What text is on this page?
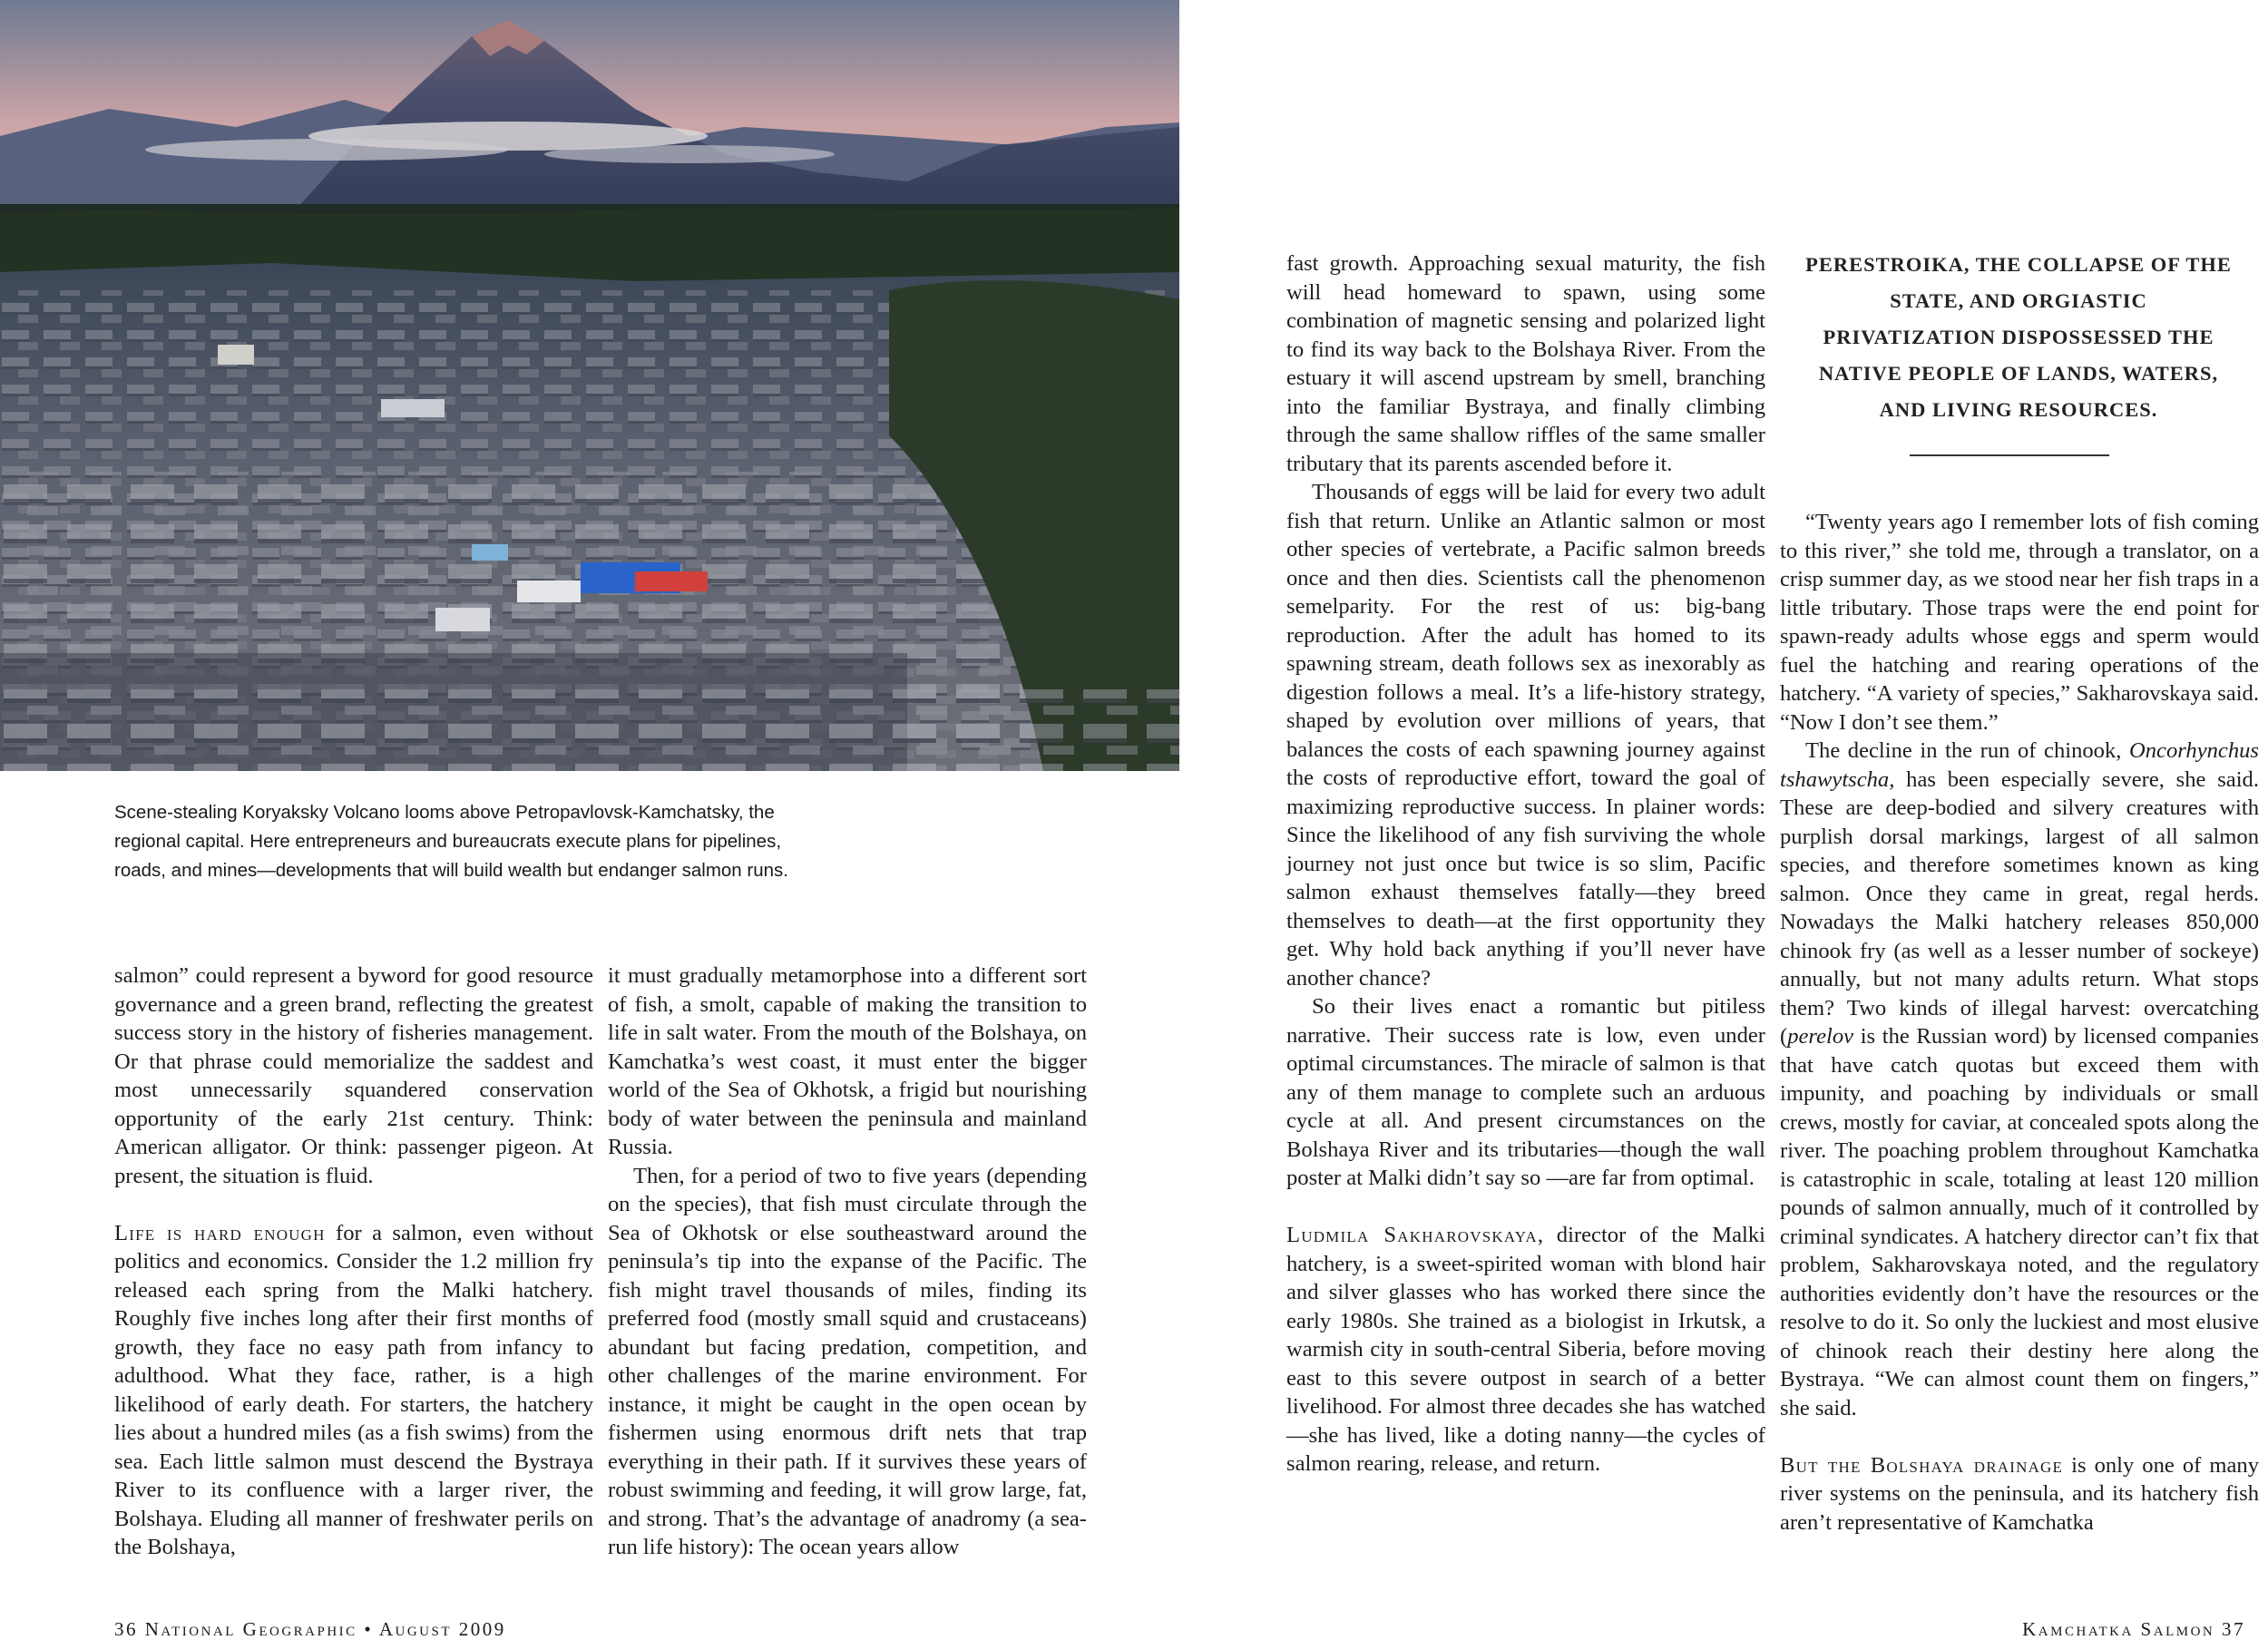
Scene-stealing Koryaksky Volcano looms above Petropavlovsk-Kamchatsky, the
regional capital. Here entrepreneurs and bureaucrats execute plans for pipelines,
roads, and mines—developments that will build wealth but endanger salmon runs.

salmon” could represent a byword for good resource governance and a green brand, reflecting the greatest success story in the history of fisheries management. Or that phrase could memorialize the saddest and most unnecessarily squandered conservation opportunity of the early 21st century. Think: American alligator. Or think: passenger pigeon. At present, the situation is fluid.

Life is hard enough for a salmon, even without politics and economics. Consider the 1.2 million fry released each spring from the Malki hatchery. Roughly five inches long after their first months of growth, they face no easy path from infancy to adulthood. What they face, rather, is a high likelihood of early death. For starters, the hatchery lies about a hundred miles (as a fish swims) from the sea. Each little salmon must descend the Bystraya River to its confluence with a larger river, the Bolshaya. Eluding all manner of freshwater perils on the Bolshaya,

it must gradually metamorphose into a different sort of fish, a smolt, capable of making the transition to life in salt water. From the mouth of the Bolshaya, on Kamchatka’s west coast, it must enter the bigger world of the Sea of Okhotsk, a frigid but nourishing body of water between the peninsula and mainland Russia.

Then, for a period of two to five years (depending on the species), that fish must circulate through the Sea of Okhotsk or else southeastward around the peninsula’s tip into the expanse of the Pacific. The fish might travel thousands of miles, finding its preferred food (mostly small squid and crustaceans) abundant but facing predation, competition, and other challenges of the marine environment. For instance, it might be caught in the open ocean by fishermen using enormous drift nets that trap everything in their path. If it survives these years of robust swimming and feeding, it will grow large, fat, and strong. That’s the advantage of anadromy (a sea-run life history): The ocean years allow

fast growth. Approaching sexual maturity, the fish will head homeward to spawn, using some combination of magnetic sensing and polarized light to find its way back to the Bolshaya River. From the estuary it will ascend upstream by smell, branching into the familiar Bystraya, and finally climbing through the same shallow riffles of the same smaller tributary that its parents ascended before it.

Thousands of eggs will be laid for every two adult fish that return. Unlike an Atlantic salmon or most other species of vertebrate, a Pacific salmon breeds once and then dies. Scientists call the phenomenon semelparity. For the rest of us: big-bang reproduction. After the adult has homed to its spawning stream, death follows sex as inexorably as digestion follows a meal. It’s a life-history strategy, shaped by evolution over millions of years, that balances the costs of each spawning journey against the costs of reproductive effort, toward the goal of maximizing reproductive success. In plainer words: Since the likelihood of any fish surviving the whole journey not just once but twice is so slim, Pacific salmon exhaust themselves fatally—they breed themselves to death—at the first opportunity they get. Why hold back anything if you’ll never have another chance?

So their lives enact a romantic but pitiless narrative. Their success rate is low, even under optimal circumstances. The miracle of salmon is that any of them manage to complete such an arduous cycle at all. And present circumstances on the Bolshaya River and its tributaries—though the wall poster at Malki didn’t say so —are far from optimal.

Ludmila Sakharovskaya, director of the Malki hatchery, is a sweet-spirited woman with blond hair and silver glasses who has worked there since the early 1980s. She trained as a biologist in Irkutsk, a warmish city in south-central Siberia, before moving east to this severe outpost in search of a better livelihood. For almost three decades she has watched—she has lived, like a doting nanny—the cycles of salmon rearing, release, and return.

PERESTROIKA, THE COLLAPSE OF THE STATE, AND ORGIASTIC PRIVATIZATION DISPOSSESSED THE NATIVE PEOPLE OF LANDS, WATERS, AND LIVING RESOURCES.

“Twenty years ago I remember lots of fish coming to this river,” she told me, through a translator, on a crisp summer day, as we stood near her fish traps in a little tributary. Those traps were the end point for spawn-ready adults whose eggs and sperm would fuel the hatching and rearing operations of the hatchery. “A variety of species,” Sakharovskaya said. “Now I don’t see them.”

The decline in the run of chinook, Oncorhynchus tshawytscha, has been especially severe, she said. These are deep-bodied and silvery creatures with purplish dorsal markings, largest of all salmon species, and therefore sometimes known as king salmon. Once they came in great, regal herds. Nowadays the Malki hatchery releases 850,000 chinook fry (as well as a lesser number of sockeye) annually, but not many adults return. What stops them? Two kinds of illegal harvest: overcatching (perelov is the Russian word) by licensed companies that have catch quotas but exceed them with impunity, and poaching by individuals or small crews, mostly for caviar, at concealed spots along the river. The poaching problem throughout Kamchatka is catastrophic in scale, totaling at least 120 million pounds of salmon annually, much of it controlled by criminal syndicates. A hatchery director can’t fix that problem, Sakharovskaya noted, and the regulatory authorities evidently don’t have the resources or the resolve to do it. So only the luckiest and most elusive of chinook reach their destiny here along the Bystraya. “We can almost count them on fingers,” she said.

But the Bolshaya drainage is only one of many river systems on the peninsula, and its hatchery fish aren’t representative of Kamchatka

36 National Geographic • August 2009	Kamchatka Salmon 37
